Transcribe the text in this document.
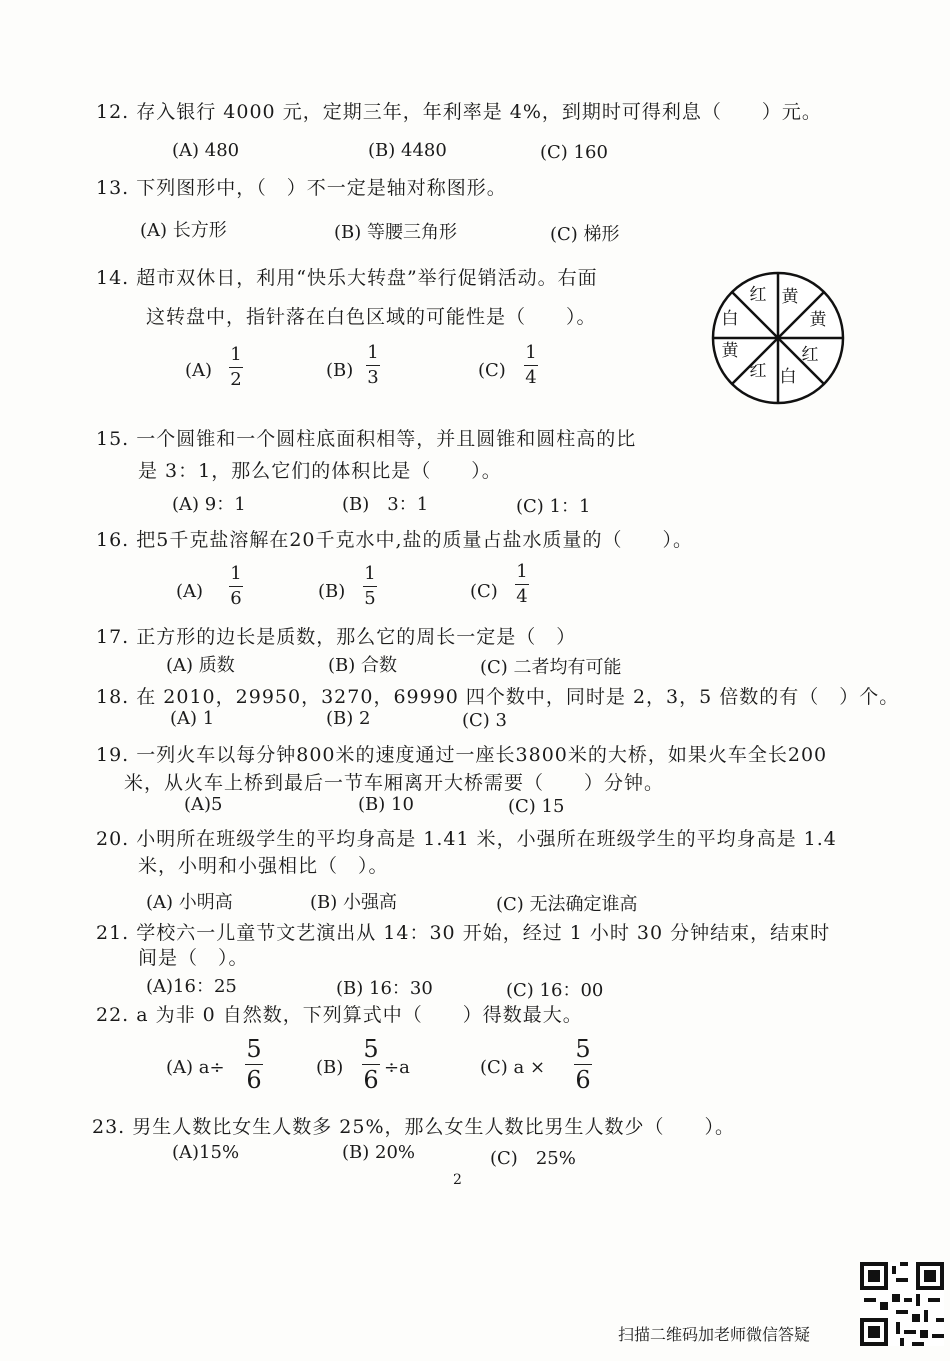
12. 存入银行 4000 元，定期三年，年利率是 4%，到期时可得利息（　　）元。
(A) 480	(B) 4480	(C) 160
13. 下列图形中，（　）不一定是轴对称图形。
(A) 长方形	(B) 等腰三角形	(C) 梯形
14. 超市双休日，利用“快乐大转盘”举行促销活动。右面
这转盘中，指针落在白色区域的可能性是（　　）。
(A)
1
2	(B)
1
3	(C)
1
4
红 黄
黄
红
白
红
黄
白
15. 一个圆锥和一个圆柱底面积相等，并且圆锥和圆柱高的比
是 3：1，那么它们的体积比是（　　）。
(A) 9：1	(B)　3：1	(C) 1：1
16. 把5千克盐溶解在20千克水中,盐的质量占盐水质量的（　　）。
(A)
1
6	(B)
1
5	(C)
1
4
17. 正方形的边长是质数，那么它的周长一定是（　）
(A) 质数	(B) 合数	(C) 二者均有可能
18. 在 2010，29950，3270，69990 四个数中，同时是 2，3，5 倍数的有（　）个。
(A) 1	(B) 2	(C) 3
19. 一列火车以每分钟800米的速度通过一座长3800米的大桥，如果火车全长200
米，从火车上桥到最后一节车厢离开大桥需要（　　）分钟。
(A)5	(B) 10	(C) 15
20. 小明所在班级学生的平均身高是 1.41 米，小强所在班级学生的平均身高是 1.4
米，小明和小强相比（　）。
(A) 小明高	(B) 小强高	(C) 无法确定谁高
21. 学校六一儿童节文艺演出从 14：30 开始，经过 1 小时 30 分钟结束，结束时
间是（　）。
(A)16：25	(B) 16：30	(C) 16：00
22. a 为非 0 自然数，下列算式中（　　）得数最大。
(A) a÷
5
6	(B)
5
6 ÷a	(C) a ×
5
6
23. 男生人数比女生人数多 25%，那么女生人数比男生人数少（　　）。
(A)15%	(B) 20%	(C)　25%
2
扫描二维码加老师微信答疑
